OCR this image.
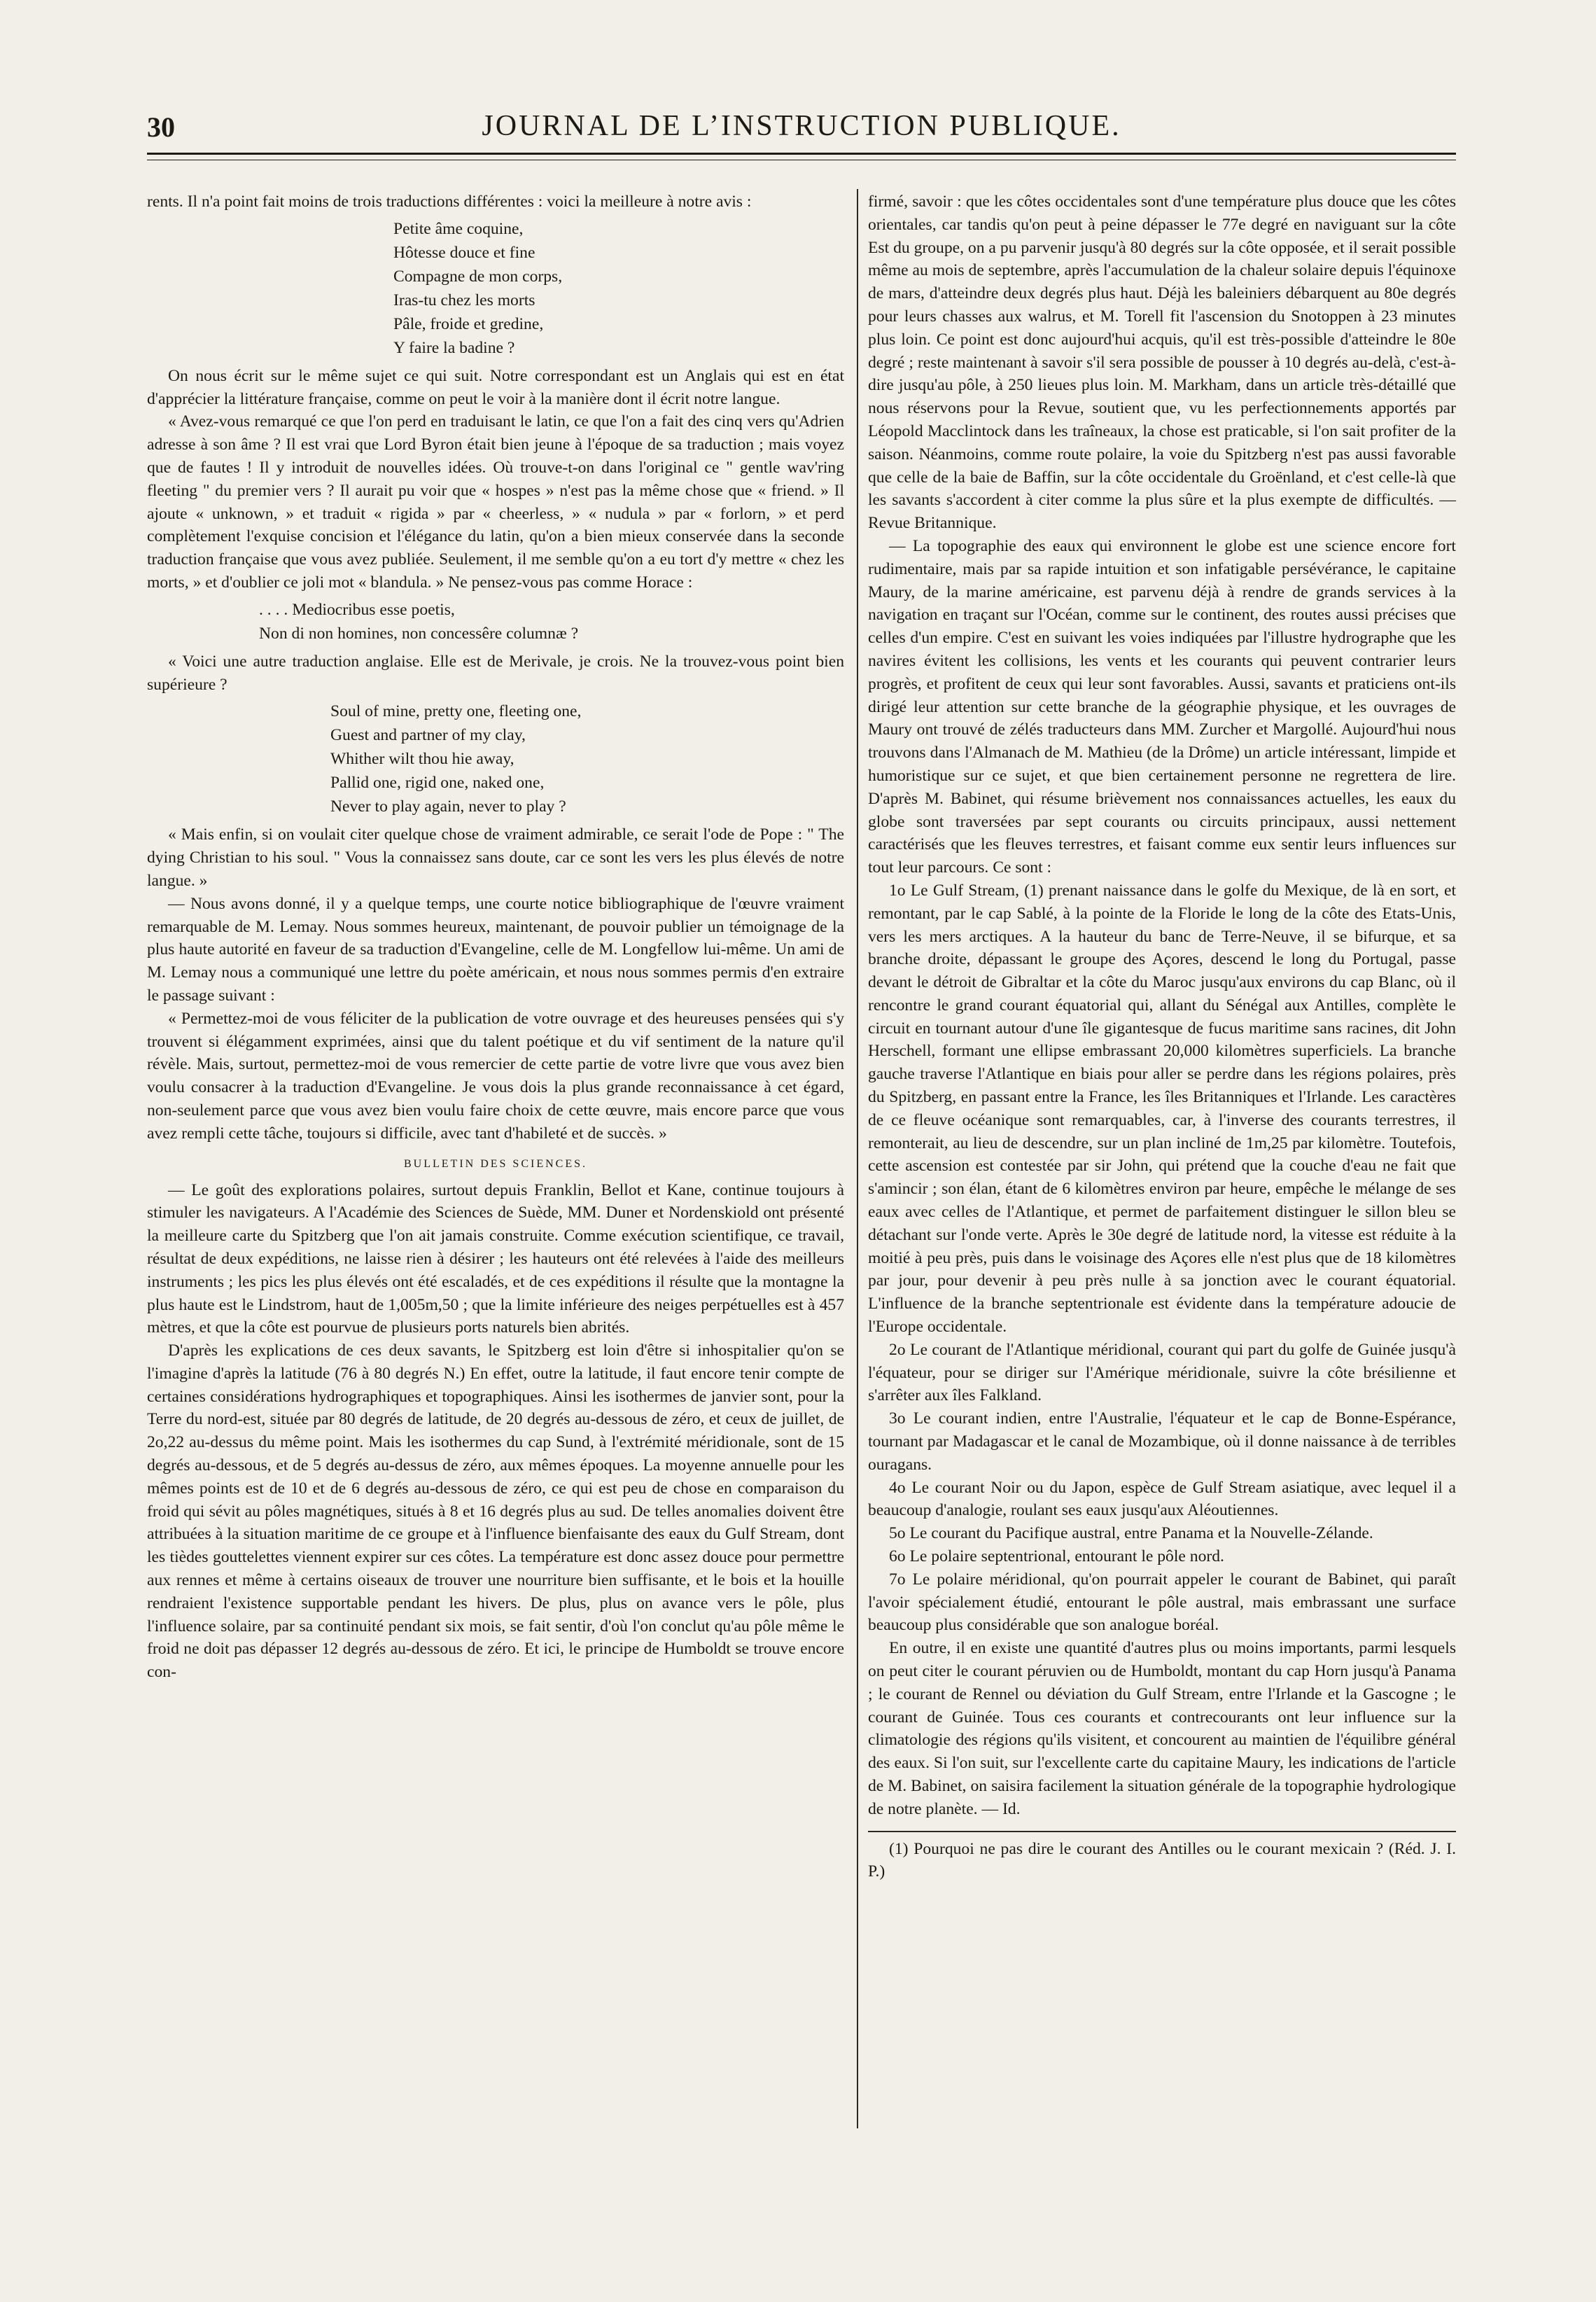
30	JOURNAL DE L’INSTRUCTION PUBLIQUE.

rents. Il n'a point fait moins de trois traductions différentes : voici la meilleure à notre avis :

Petite âme coquine,
Hôtesse douce et fine
Compagne de mon corps,
Iras-tu chez les morts
Pâle, froide et gredine,
Y faire la badine ?

On nous écrit sur le même sujet ce qui suit. Notre correspondant est un Anglais qui est en état d'apprécier la littérature française, comme on peut le voir à la manière dont il écrit notre langue.

« Avez-vous remarqué ce que l'on perd en traduisant le latin, ce que l'on a fait des cinq vers qu'Adrien adresse à son âme ? Il est vrai que Lord Byron était bien jeune à l'époque de sa traduction ; mais voyez que de fautes ! Il y introduit de nouvelles idées. Où trouve-t-on dans l'original ce " gentle wav'ring fleeting " du premier vers ? Il aurait pu voir que « hospes » n'est pas la même chose que « friend. » Il ajoute « unknown, » et traduit « rigida » par « cheerless, » « nudula » par « forlorn, » et perd complètement l'exquise concision et l'élégance du latin, qu'on a bien mieux conservée dans la seconde traduction française que vous avez publiée. Seulement, il me semble qu'on a eu tort d'y mettre « chez les morts, » et d'oublier ce joli mot « blandula. » Ne pensez-vous pas comme Horace :

. . . . Mediocribus esse poetis,
Non di non homines, non concessêre columnæ ?

« Voici une autre traduction anglaise. Elle est de Merivale, je crois. Ne la trouvez-vous point bien supérieure ?

Soul of mine, pretty one, fleeting one,
Guest and partner of my clay,
Whither wilt thou hie away,
Pallid one, rigid one, naked one,
Never to play again, never to play ?

« Mais enfin, si on voulait citer quelque chose de vraiment admirable, ce serait l'ode de Pope : " The dying Christian to his soul. " Vous la connaissez sans doute, car ce sont les vers les plus élevés de notre langue. »

— Nous avons donné, il y a quelque temps, une courte notice bibliographique de l'œuvre vraiment remarquable de M. Lemay. Nous sommes heureux, maintenant, de pouvoir publier un témoignage de la plus haute autorité en faveur de sa traduction d'Evangeline, celle de M. Longfellow lui-même. Un ami de M. Lemay nous a communiqué une lettre du poète américain, et nous nous sommes permis d'en extraire le passage suivant :

« Permettez-moi de vous féliciter de la publication de votre ouvrage et des heureuses pensées qui s'y trouvent si élégamment exprimées, ainsi que du talent poétique et du vif sentiment de la nature qu'il révèle. Mais, surtout, permettez-moi de vous remercier de cette partie de votre livre que vous avez bien voulu consacrer à la traduction d'Evangeline. Je vous dois la plus grande reconnaissance à cet égard, non-seulement parce que vous avez bien voulu faire choix de cette œuvre, mais encore parce que vous avez rempli cette tâche, toujours si difficile, avec tant d'habileté et de succès. »

BULLETIN DES SCIENCES.

— Le goût des explorations polaires, surtout depuis Franklin, Bellot et Kane, continue toujours à stimuler les navigateurs. A l'Académie des Sciences de Suède, MM. Duner et Nordenskiold ont présenté la meilleure carte du Spitzberg que l'on ait jamais construite. Comme exécution scientifique, ce travail, résultat de deux expéditions, ne laisse rien à désirer ; les hauteurs ont été relevées à l'aide des meilleurs instruments ; les pics les plus élevés ont été escaladés, et de ces expéditions il résulte que la montagne la plus haute est le Lindstrom, haut de 1,005m,50 ; que la limite inférieure des neiges perpétuelles est à 457 mètres, et que la côte est pourvue de plusieurs ports naturels bien abrités.

D'après les explications de ces deux savants, le Spitzberg est loin d'être si inhospitalier qu'on se l'imagine d'après la latitude (76 à 80 degrés N.) En effet, outre la latitude, il faut encore tenir compte de certaines considérations hydrographiques et topographiques. Ainsi les isothermes de janvier sont, pour la Terre du nord-est, située par 80 degrés de latitude, de 20 degrés au-dessous de zéro, et ceux de juillet, de 2o,22 au-dessus du même point. Mais les isothermes du cap Sund, à l'extrémité méridionale, sont de 15 degrés au-dessous, et de 5 degrés au-dessus de zéro, aux mêmes époques. La moyenne annuelle pour les mêmes points est de 10 et de 6 degrés au-dessous de zéro, ce qui est peu de chose en comparaison du froid qui sévit au pôles magnétiques, situés à 8 et 16 degrés plus au sud. De telles anomalies doivent être attribuées à la situation maritime de ce groupe et à l'influence bienfaisante des eaux du Gulf Stream, dont les tièdes gouttelettes viennent expirer sur ces côtes. La température est donc assez douce pour permettre aux rennes et même à certains oiseaux de trouver une nourriture bien suffisante, et le bois et la houille rendraient l'existence supportable pendant les hivers. De plus, plus on avance vers le pôle, plus l'influence solaire, par sa continuité pendant six mois, se fait sentir, d'où l'on conclut qu'au pôle même le froid ne doit pas dépasser 12 degrés au-dessous de zéro. Et ici, le principe de Humboldt se trouve encore con-

firmé, savoir : que les côtes occidentales sont d'une température plus douce que les côtes orientales, car tandis qu'on peut à peine dépasser le 77e degré en naviguant sur la côte Est du groupe, on a pu parvenir jusqu'à 80 degrés sur la côte opposée, et il serait possible même au mois de septembre, après l'accumulation de la chaleur solaire depuis l'équinoxe de mars, d'atteindre deux degrés plus haut. Déjà les baleiniers débarquent au 80e degrés pour leurs chasses aux walrus, et M. Torell fit l'ascension du Snotoppen à 23 minutes plus loin. Ce point est donc aujourd'hui acquis, qu'il est très-possible d'atteindre le 80e degré ; reste maintenant à savoir s'il sera possible de pousser à 10 degrés au-delà, c'est-à-dire jusqu'au pôle, à 250 lieues plus loin. M. Markham, dans un article très-détaillé que nous réservons pour la Revue, soutient que, vu les perfectionnements apportés par Léopold Macclintock dans les traîneaux, la chose est praticable, si l'on sait profiter de la saison. Néanmoins, comme route polaire, la voie du Spitzberg n'est pas aussi favorable que celle de la baie de Baffin, sur la côte occidentale du Groënland, et c'est celle-là que les savants s'accordent à citer comme la plus sûre et la plus exempte de difficultés. — Revue Britannique.

— La topographie des eaux qui environnent le globe est une science encore fort rudimentaire, mais par sa rapide intuition et son infatigable persévérance, le capitaine Maury, de la marine américaine, est parvenu déjà à rendre de grands services à la navigation en traçant sur l'Océan, comme sur le continent, des routes aussi précises que celles d'un empire. C'est en suivant les voies indiquées par l'illustre hydrographe que les navires évitent les collisions, les vents et les courants qui peuvent contrarier leurs progrès, et profitent de ceux qui leur sont favorables. Aussi, savants et praticiens ont-ils dirigé leur attention sur cette branche de la géographie physique, et les ouvrages de Maury ont trouvé de zélés traducteurs dans MM. Zurcher et Margollé. Aujourd'hui nous trouvons dans l'Almanach de M. Mathieu (de la Drôme) un article intéressant, limpide et humoristique sur ce sujet, et que bien certainement personne ne regrettera de lire. D'après M. Babinet, qui résume brièvement nos connaissances actuelles, les eaux du globe sont traversées par sept courants ou circuits principaux, aussi nettement caractérisés que les fleuves terrestres, et faisant comme eux sentir leurs influences sur tout leur parcours. Ce sont :

1o Le Gulf Stream, (1) prenant naissance dans le golfe du Mexique, de là en sort, et remontant, par le cap Sablé, à la pointe de la Floride le long de la côte des Etats-Unis, vers les mers arctiques. A la hauteur du banc de Terre-Neuve, il se bifurque, et sa branche droite, dépassant le groupe des Açores, descend le long du Portugal, passe devant le détroit de Gibraltar et la côte du Maroc jusqu'aux environs du cap Blanc, où il rencontre le grand courant équatorial qui, allant du Sénégal aux Antilles, complète le circuit en tournant autour d'une île gigantesque de fucus maritime sans racines, dit John Herschell, formant une ellipse embrassant 20,000 kilomètres superficiels. La branche gauche traverse l'Atlantique en biais pour aller se perdre dans les régions polaires, près du Spitzberg, en passant entre la France, les îles Britanniques et l'Irlande. Les caractères de ce fleuve océanique sont remarquables, car, à l'inverse des courants terrestres, il remonterait, au lieu de descendre, sur un plan incliné de 1m,25 par kilomètre. Toutefois, cette ascension est contestée par sir John, qui prétend que la couche d'eau ne fait que s'amincir ; son élan, étant de 6 kilomètres environ par heure, empêche le mélange de ses eaux avec celles de l'Atlantique, et permet de parfaitement distinguer le sillon bleu se détachant sur l'onde verte. Après le 30e degré de latitude nord, la vitesse est réduite à la moitié à peu près, puis dans le voisinage des Açores elle n'est plus que de 18 kilomètres par jour, pour devenir à peu près nulle à sa jonction avec le courant équatorial. L'influence de la branche septentrionale est évidente dans la température adoucie de l'Europe occidentale.

2o Le courant de l'Atlantique méridional, courant qui part du golfe de Guinée jusqu'à l'équateur, pour se diriger sur l'Amérique méridionale, suivre la côte brésilienne et s'arrêter aux îles Falkland.

3o Le courant indien, entre l'Australie, l'équateur et le cap de Bonne-Espérance, tournant par Madagascar et le canal de Mozambique, où il donne naissance à de terribles ouragans.

4o Le courant Noir ou du Japon, espèce de Gulf Stream asiatique, avec lequel il a beaucoup d'analogie, roulant ses eaux jusqu'aux Aléoutiennes.

5o Le courant du Pacifique austral, entre Panama et la Nouvelle-Zélande.

6o Le polaire septentrional, entourant le pôle nord.

7o Le polaire méridional, qu'on pourrait appeler le courant de Babinet, qui paraît l'avoir spécialement étudié, entourant le pôle austral, mais embrassant une surface beaucoup plus considérable que son analogue boréal.

En outre, il en existe une quantité d'autres plus ou moins importants, parmi lesquels on peut citer le courant péruvien ou de Humboldt, montant du cap Horn jusqu'à Panama ; le courant de Rennel ou déviation du Gulf Stream, entre l'Irlande et la Gascogne ; le courant de Guinée. Tous ces courants et contrecourants ont leur influence sur la climatologie des régions qu'ils visitent, et concourent au maintien de l'équilibre général des eaux. Si l'on suit, sur l'excellente carte du capitaine Maury, les indications de l'article de M. Babinet, on saisira facilement la situation générale de la topographie hydrologique de notre planète. — Id.

(1) Pourquoi ne pas dire le courant des Antilles ou le courant mexicain ? (Réd. J. I. P.)
